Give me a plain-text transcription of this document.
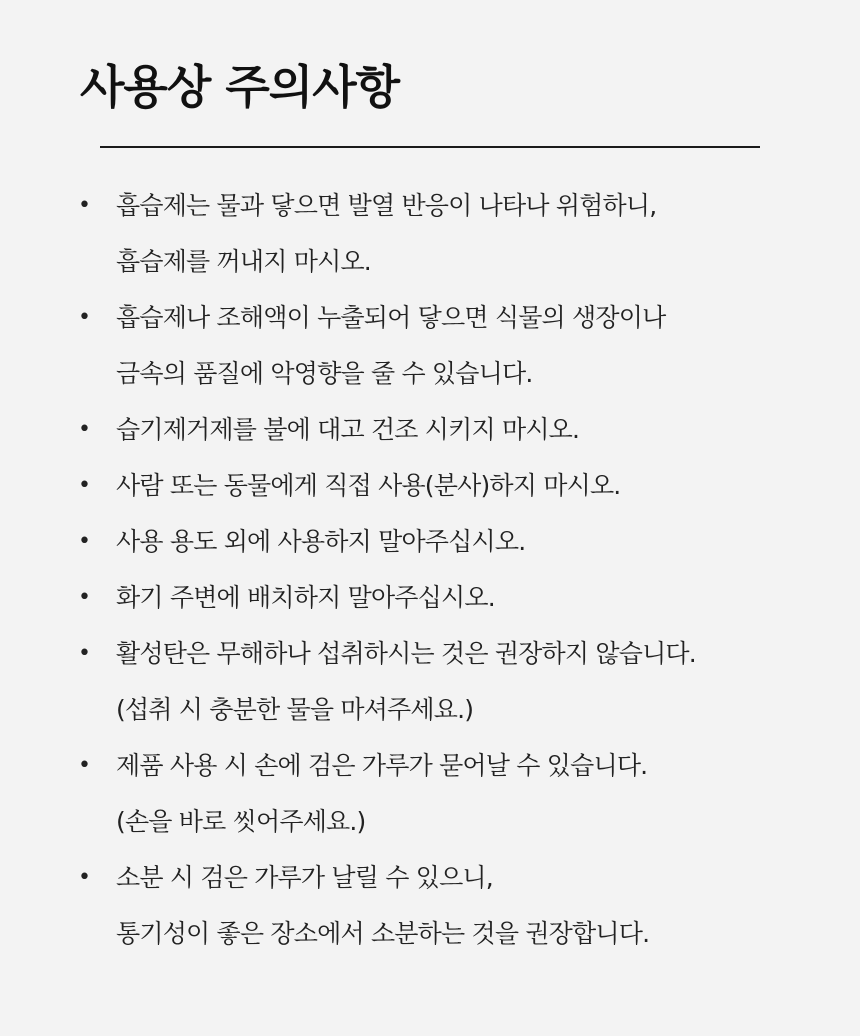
사용상 주의사항
• 흡습제는 물과 닿으면 발열 반응이 나타나 위험하니,
흡습제를 꺼내지 마시오.
• 흡습제나 조해액이 누출되어 닿으면 식물의 생장이나
금속의 품질에 악영향을 줄 수 있습니다.
• 습기제거제를 불에 대고 건조 시키지 마시오.
• 사람 또는 동물에게 직접 사용(분사)하지 마시오.
• 사용 용도 외에 사용하지 말아주십시오.
• 화기 주변에 배치하지 말아주십시오.
• 활성탄은 무해하나 섭취하시는 것은 권장하지 않습니다.
(섭취 시 충분한 물을 마셔주세요.)
• 제품 사용 시 손에 검은 가루가 묻어날 수 있습니다.
(손을 바로 씻어주세요.)
• 소분 시 검은 가루가 날릴 수 있으니,
통기성이 좋은 장소에서 소분하는 것을 권장합니다.
